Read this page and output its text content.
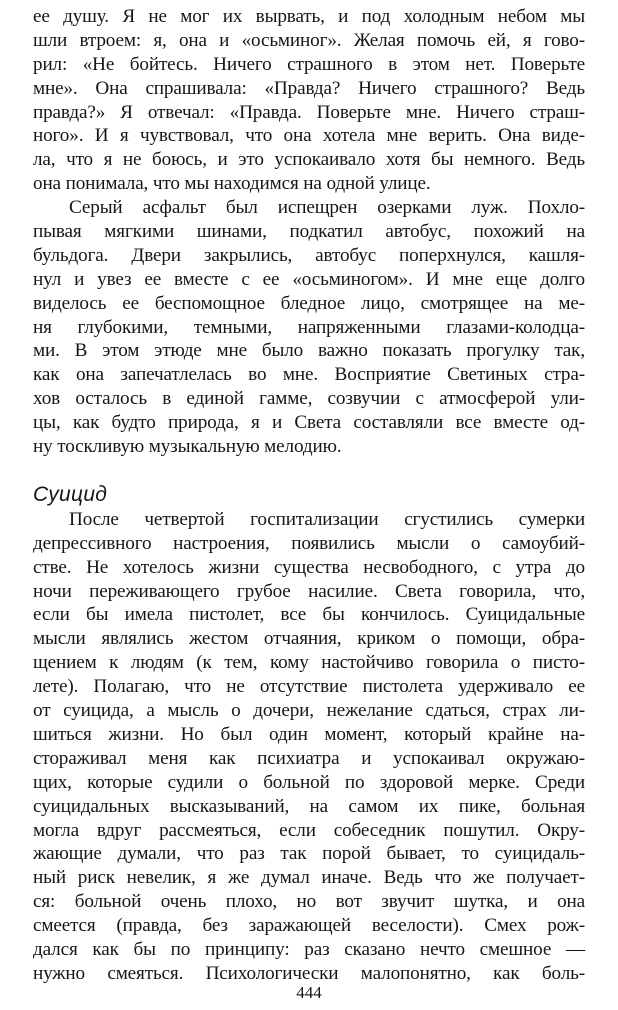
ее душу. Я не мог их вырвать, и под холодным небом мы
шли втроем: я, она и «осьминог». Желая помочь ей, я гово-
рил: «Не бойтесь. Ничего страшного в этом нет. Поверьте
мне». Она спрашивала: «Правда? Ничего страшного? Ведь
правда?» Я отвечал: «Правда. Поверьте мне. Ничего страш-
ного». И я чувствовал, что она хотела мне верить. Она виде-
ла, что я не боюсь, и это успокаивало хотя бы немного. Ведь
она понимала, что мы находимся на одной улице.
Серый асфальт был испещрен озерками луж. Похло-
пывая мягкими шинами, подкатил автобус, похожий на
бульдога. Двери закрылись, автобус поперхнулся, кашля-
нул и увез ее вместе с ее «осьминогом». И мне еще долго
виделось ее беспомощное бледное лицо, смотрящее на ме-
ня глубокими, темными, напряженными глазами-колодца-
ми. В этом этюде мне было важно показать прогулку так,
как она запечатлелась во мне. Восприятие Светиных стра-
хов осталось в единой гамме, созвучии с атмосферой ули-
цы, как будто природа, я и Света составляли все вместе од-
ну тоскливую музыкальную мелодию.
Суицид
После четвертой госпитализации сгустились сумерки
депрессивного настроения, появились мысли о самоубий-
стве. Не хотелось жизни существа несвободного, с утра до
ночи переживающего грубое насилие. Света говорила, что,
если бы имела пистолет, все бы кончилось. Суицидальные
мысли являлись жестом отчаяния, криком о помощи, обра-
щением к людям (к тем, кому настойчиво говорила о писто-
лете). Полагаю, что не отсутствие пистолета удерживало ее
от суицида, а мысль о дочери, нежелание сдаться, страх ли-
шиться жизни. Но был один момент, который крайне на-
стораживал меня как психиатра и успокаивал окружаю-
щих, которые судили о больной по здоровой мерке. Среди
суицидальных высказываний, на самом их пике, больная
могла вдруг рассмеяться, если собеседник пошутил. Окру-
жающие думали, что раз так порой бывает, то суицидаль-
ный риск невелик, я же думал иначе. Ведь что же получает-
ся: больной очень плохо, но вот звучит шутка, и она
смеется (правда, без заражающей веселости). Смех рож-
дался как бы по принципу: раз сказано нечто смешное —
нужно смеяться. Психологически малопонятно, как боль-
444
